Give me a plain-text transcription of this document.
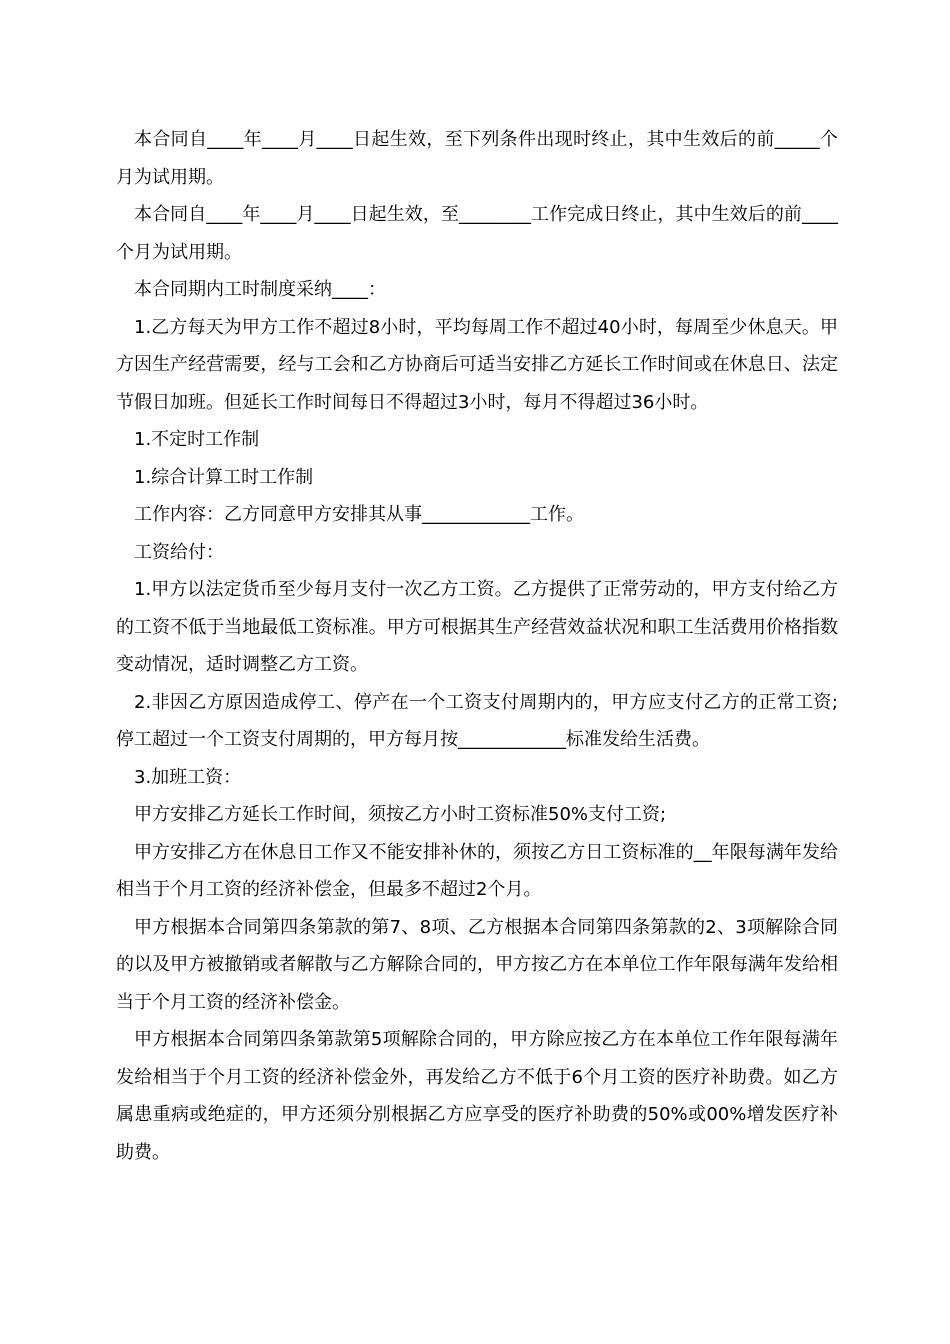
本合同自____年____月____日起生效，至下列条件出现时终止，其中生效后的前_____个月为试用期。

本合同自____年____月____日起生效，至________工作完成日终止，其中生效后的前____个月为试用期。

本合同期内工时制度采纳____：

1.乙方每天为甲方工作不超过8小时，平均每周工作不超过40小时，每周至少休息天。甲方因生产经营需要，经与工会和乙方协商后可适当安排乙方延长工作时间或在休息日、法定节假日加班。但延长工作时间每日不得超过3小时，每月不得超过36小时。

1.不定时工作制

1.综合计算工时工作制

工作内容：乙方同意甲方安排其从事____________工作。

工资给付：

1.甲方以法定货币至少每月支付一次乙方工资。乙方提供了正常劳动的，甲方支付给乙方的工资不低于当地最低工资标准。甲方可根据其生产经营效益状况和职工生活费用价格指数变动情况，适时调整乙方工资。

2.非因乙方原因造成停工、停产在一个工资支付周期内的，甲方应支付乙方的正常工资;停工超过一个工资支付周期的，甲方每月按____________标准发给生活费。

3.加班工资：

甲方安排乙方延长工作时间，须按乙方小时工资标准50%支付工资;

甲方安排乙方在休息日工作又不能安排补休的，须按乙方日工资标准的__年限每满年发给相当于个月工资的经济补偿金，但最多不超过2个月。

甲方根据本合同第四条第款的第7、8项、乙方根据本合同第四条第款的2、3项解除合同的以及甲方被撤销或者解散与乙方解除合同的，甲方按乙方在本单位工作年限每满年发给相当于个月工资的经济补偿金。

甲方根据本合同第四条第款第5项解除合同的，甲方除应按乙方在本单位工作年限每满年发给相当于个月工资的经济补偿金外，再发给乙方不低于6个月工资的医疗补助费。如乙方属患重病或绝症的，甲方还须分别根据乙方应享受的医疗补助费的50%或00%增发医疗补助费。
